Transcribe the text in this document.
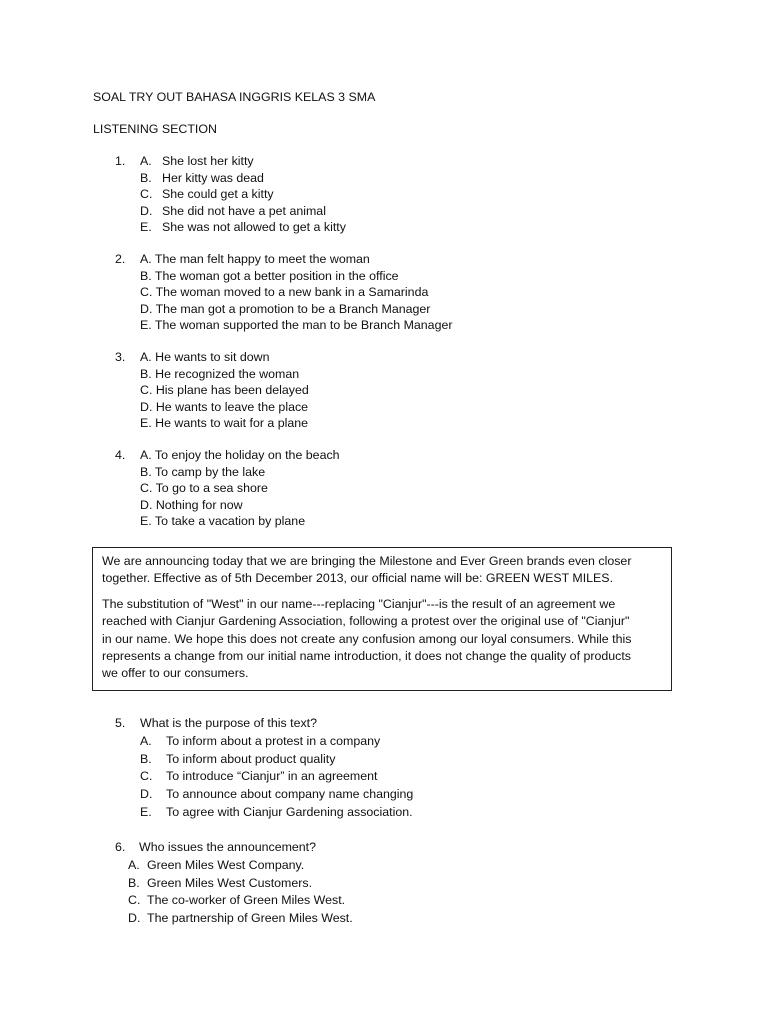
SOAL TRY OUT BAHASA INGGRIS KELAS 3 SMA
LISTENING SECTION
1. A. She lost her kitty
B. Her kitty was dead
C. She could get a kitty
D. She did not have a pet animal
E. She was not allowed to get a kitty
2. A. The man felt happy to meet the woman
B. The woman got a better position in the office
C. The woman moved to a new bank in a Samarinda
D. The man got a promotion to be a Branch Manager
E. The woman supported the man to be Branch Manager
3. A. He wants to sit down
B. He recognized the woman
C. His plane has been delayed
D. He wants to leave the place
E. He wants to wait for a plane
4. A. To enjoy the holiday on the beach
B. To camp by the lake
C. To go to a sea shore
D. Nothing for now
E. To take a vacation by plane

We are announcing today that we are bringing the Milestone and Ever Green brands even closer

together. Effective as of 5th December 2013, our official name will be: GREEN WEST MILES.

The substitution of "West" in our name---replacing "Cianjur"---is the result of an agreement we

reached with Cianjur Gardening Association, following a protest over the original use of "Cianjur"

in our name. We hope this does not create any confusion among our loyal consumers. While this

represents a change from our initial name introduction, it does not change the quality of products

we offer to our consumers.

5. What is the purpose of this text?
A. To inform about a protest in a company
B. To inform about product quality
C. To introduce “Cianjur” in an agreement
D. To announce about company name changing
E. To agree with Cianjur Gardening association.
6. Who issues the announcement?
A. Green Miles West Company.
B. Green Miles West Customers.
C. The co-worker of Green Miles West.
D. The partnership of Green Miles West.
